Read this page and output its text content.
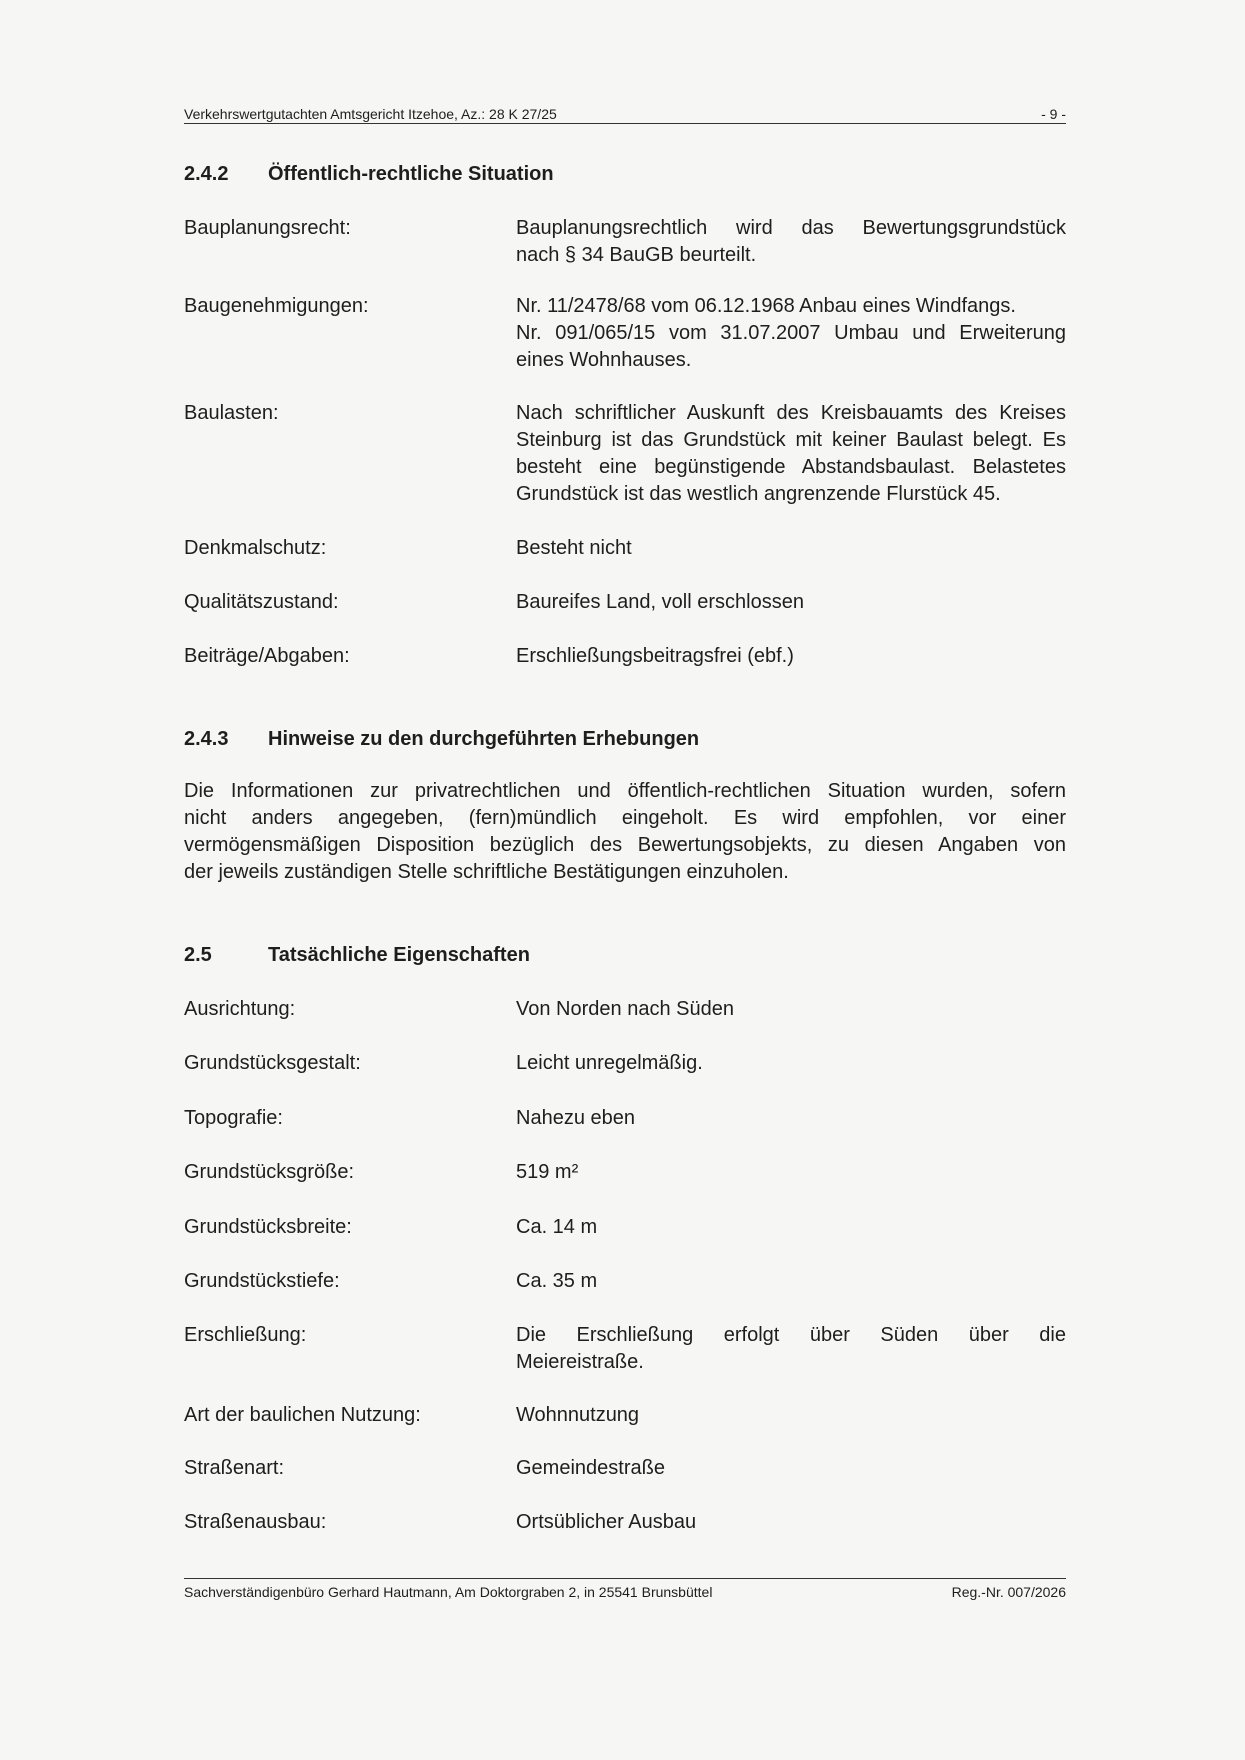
Verkehrswertgutachten Amtsgericht Itzehoe, Az.: 28 K 27/25	- 9 -
2.4.2	Öffentlich-rechtliche Situation
Bauplanungsrecht:	Bauplanungsrechtlich wird das Bewertungsgrundstück
nach § 34 BauGB beurteilt.
Baugenehmigungen:	Nr. 11/2478/68 vom 06.12.1968 Anbau eines Windfangs.
Nr. 091/065/15 vom 31.07.2007 Umbau und Erweiterung
eines Wohnhauses.
Baulasten:	Nach schriftlicher Auskunft des Kreisbauamts des Kreises
Steinburg ist das Grundstück mit keiner Baulast belegt. Es
besteht eine begünstigende Abstandsbaulast. Belastetes
Grundstück ist das westlich angrenzende Flurstück 45.
Denkmalschutz:	Besteht nicht
Qualitätszustand:	Baureifes Land, voll erschlossen
Beiträge/Abgaben:	Erschließungsbeitragsfrei (ebf.)
2.4.3	Hinweise zu den durchgeführten Erhebungen
Die Informationen zur privatrechtlichen und öffentlich-rechtlichen Situation wurden, sofern
nicht anders angegeben, (fern)mündlich eingeholt. Es wird empfohlen, vor einer
vermögensmäßigen Disposition bezüglich des Bewertungsobjekts, zu diesen Angaben von
der jeweils zuständigen Stelle schriftliche Bestätigungen einzuholen.
2.5	Tatsächliche Eigenschaften
Ausrichtung:	Von Norden nach Süden
Grundstücksgestalt:	Leicht unregelmäßig.
Topografie:	Nahezu eben
Grundstücksgröße:	519 m²
Grundstücksbreite:	Ca. 14 m
Grundstückstiefe:	Ca. 35 m
Erschließung:	Die Erschließung erfolgt über Süden über die
Meiereistraße.
Art der baulichen Nutzung:	Wohnnutzung
Straßenart:	Gemeindestraße
Straßenausbau:	Ortsüblicher Ausbau
Sachverständigenbüro Gerhard Hautmann, Am Doktorgraben 2, in 25541 Brunsbüttel	Reg.-Nr. 007/2026
